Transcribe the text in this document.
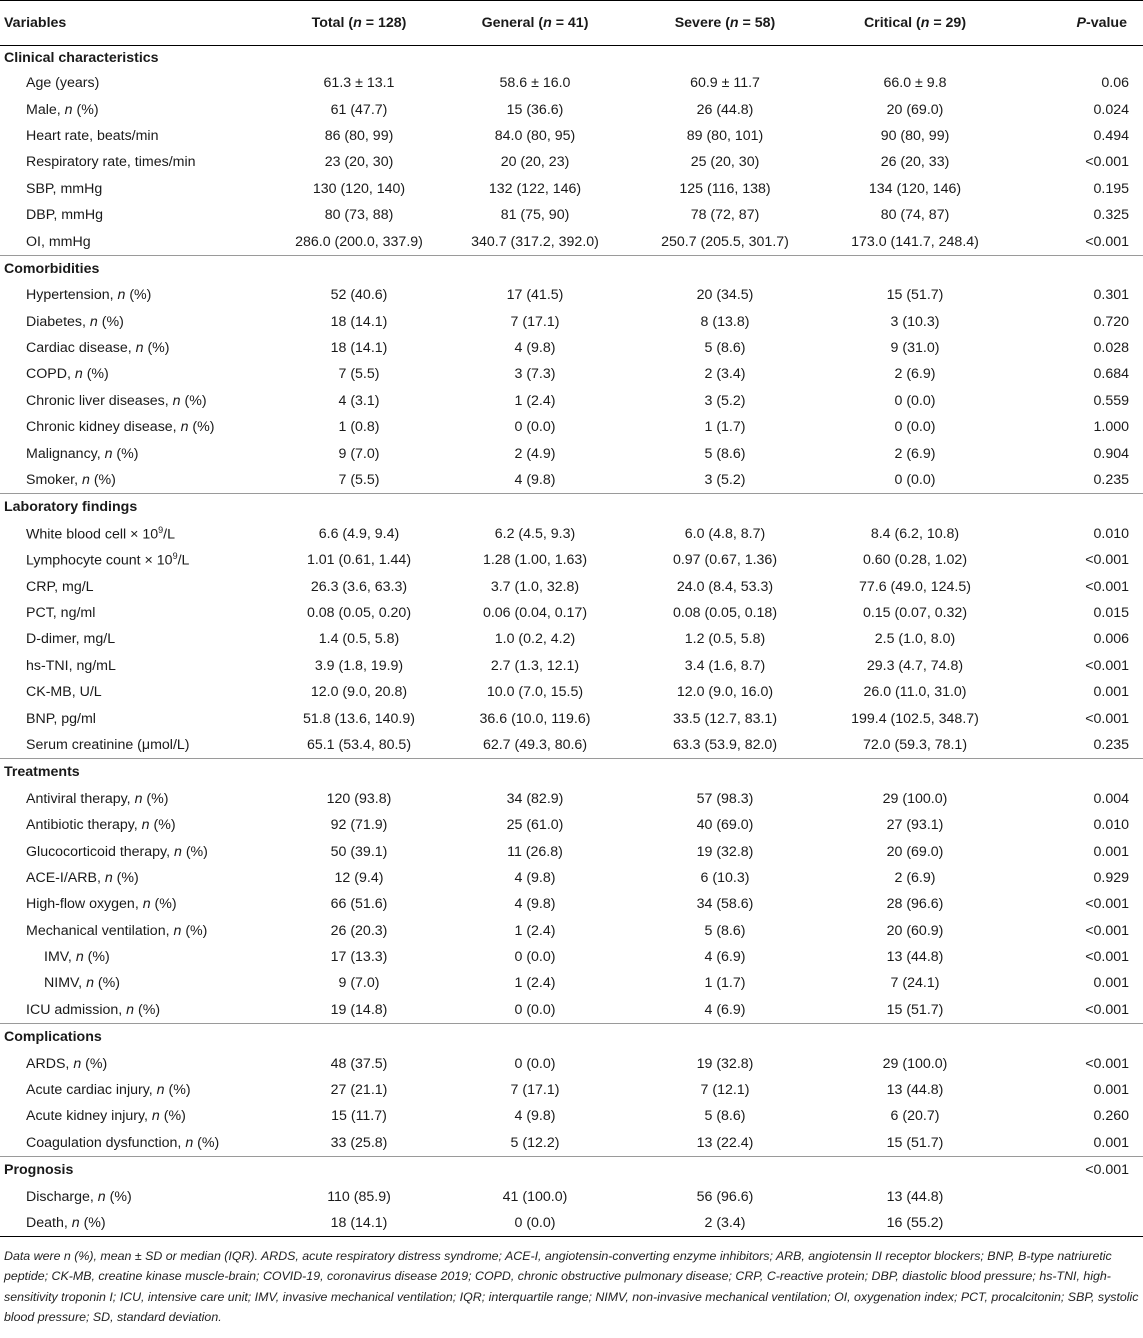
Variables	Total (n = 128)	General (n = 41)	Severe (n = 58)	Critical (n = 29)	P-value
Clinical characteristics					
Age (years)	61.3 ± 13.1	58.6 ± 16.0	60.9 ± 11.7	66.0 ± 9.8	0.06
Male, n (%)	61 (47.7)	15 (36.6)	26 (44.8)	20 (69.0)	0.024
Heart rate, beats/min	86 (80, 99)	84.0 (80, 95)	89 (80, 101)	90 (80, 99)	0.494
Respiratory rate, times/min	23 (20, 30)	20 (20, 23)	25 (20, 30)	26 (20, 33)	<0.001
SBP, mmHg	130 (120, 140)	132 (122, 146)	125 (116, 138)	134 (120, 146)	0.195
DBP, mmHg	80 (73, 88)	81 (75, 90)	78 (72, 87)	80 (74, 87)	0.325
OI, mmHg	286.0 (200.0, 337.9)	340.7 (317.2, 392.0)	250.7 (205.5, 301.7)	173.0 (141.7, 248.4)	<0.001
Comorbidities					
Hypertension, n (%)	52 (40.6)	17 (41.5)	20 (34.5)	15 (51.7)	0.301
Diabetes, n (%)	18 (14.1)	7 (17.1)	8 (13.8)	3 (10.3)	0.720
Cardiac disease, n (%)	18 (14.1)	4 (9.8)	5 (8.6)	9 (31.0)	0.028
COPD, n (%)	7 (5.5)	3 (7.3)	2 (3.4)	2 (6.9)	0.684
Chronic liver diseases, n (%)	4 (3.1)	1 (2.4)	3 (5.2)	0 (0.0)	0.559
Chronic kidney disease, n (%)	1 (0.8)	0 (0.0)	1 (1.7)	0 (0.0)	1.000
Malignancy, n (%)	9 (7.0)	2 (4.9)	5 (8.6)	2 (6.9)	0.904
Smoker, n (%)	7 (5.5)	4 (9.8)	3 (5.2)	0 (0.0)	0.235
Laboratory findings					
White blood cell × $10^9/L$	6.6 (4.9, 9.4)	6.2 (4.5, 9.3)	6.0 (4.8, 8.7)	8.4 (6.2, 10.8)	0.010
Lymphocyte count × $10^9/L$	1.01 (0.61, 1.44)	1.28 (1.00, 1.63)	0.97 (0.67, 1.36)	0.60 (0.28, 1.02)	<0.001
CRP, mg/L	26.3 (3.6, 63.3)	3.7 (1.0, 32.8)	24.0 (8.4, 53.3)	77.6 (49.0, 124.5)	<0.001
PCT, ng/ml	0.08 (0.05, 0.20)	0.06 (0.04, 0.17)	0.08 (0.05, 0.18)	0.15 (0.07, 0.32)	0.015
D-dimer, mg/L	1.4 (0.5, 5.8)	1.0 (0.2, 4.2)	1.2 (0.5, 5.8)	2.5 (1.0, 8.0)	0.006
hs-TNI, ng/mL	3.9 (1.8, 19.9)	2.7 (1.3, 12.1)	3.4 (1.6, 8.7)	29.3 (4.7, 74.8)	<0.001
CK-MB, U/L	12.0 (9.0, 20.8)	10.0 (7.0, 15.5)	12.0 (9.0, 16.0)	26.0 (11.0, 31.0)	0.001
BNP, pg/ml	51.8 (13.6, 140.9)	36.6 (10.0, 119.6)	33.5 (12.7, 83.1)	199.4 (102.5, 348.7)	<0.001
Serum creatinine (μmol/L)	65.1 (53.4, 80.5)	62.7 (49.3, 80.6)	63.3 (53.9, 82.0)	72.0 (59.3, 78.1)	0.235
Treatments					
Antiviral therapy, n (%)	120 (93.8)	34 (82.9)	57 (98.3)	29 (100.0)	0.004
Antibiotic therapy, n (%)	92 (71.9)	25 (61.0)	40 (69.0)	27 (93.1)	0.010
Glucocorticoid therapy, n (%)	50 (39.1)	11 (26.8)	19 (32.8)	20 (69.0)	0.001
ACE-I/ARB, n (%)	12 (9.4)	4 (9.8)	6 (10.3)	2 (6.9)	0.929
High-flow oxygen, n (%)	66 (51.6)	4 (9.8)	34 (58.6)	28 (96.6)	<0.001
Mechanical ventilation, n (%)	26 (20.3)	1 (2.4)	5 (8.6)	20 (60.9)	<0.001
IMV, n (%)	17 (13.3)	0 (0.0)	4 (6.9)	13 (44.8)	<0.001
NIMV, n (%)	9 (7.0)	1 (2.4)	1 (1.7)	7 (24.1)	0.001
ICU admission, n (%)	19 (14.8)	0 (0.0)	4 (6.9)	15 (51.7)	<0.001
Complications					
ARDS, n (%)	48 (37.5)	0 (0.0)	19 (32.8)	29 (100.0)	<0.001
Acute cardiac injury, n (%)	27 (21.1)	7 (17.1)	7 (12.1)	13 (44.8)	0.001
Acute kidney injury, n (%)	15 (11.7)	4 (9.8)	5 (8.6)	6 (20.7)	0.260
Coagulation dysfunction, n (%)	33 (25.8)	5 (12.2)	13 (22.4)	15 (51.7)	0.001
Prognosis					<0.001
Discharge, n (%)	110 (85.9)	41 (100.0)	56 (96.6)	13 (44.8)	
Death, n (%)	18 (14.1)	0 (0.0)	2 (3.4)	16 (55.2)	
Data were n (%), mean ± SD or median (IQR). ARDS, acute respiratory distress syndrome; ACE-I, angiotensin-converting enzyme inhibitors; ARB, angiotensin II receptor blockers; BNP, B-type natriuretic peptide; CK-MB, creatine kinase muscle-brain; COVID-19, coronavirus disease 2019; COPD, chronic obstructive pulmonary disease; CRP, C-reactive protein; DBP, diastolic blood pressure; hs-TNI, high-sensitivity troponin I; ICU, intensive care unit; IMV, invasive mechanical ventilation; IQR; interquartile range; NIMV, non-invasive mechanical ventilation; OI, oxygenation index; PCT, procalcitonin; SBP, systolic blood pressure; SD, standard deviation.
